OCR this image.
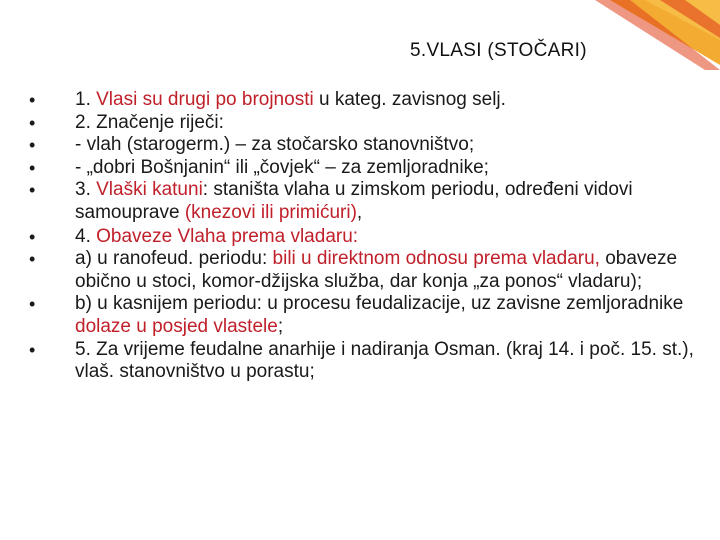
5.VLASI (STOČARI)
• 1. Vlasi su drugi po brojnosti u kateg. zavisnog selj.
• 2. Značenje riječi:
• - vlah (starogerm.) – za stočarsko stanovništvo;
• - „dobri Bošnjanin“ ili „čovjek“ – za zemljoradnike;
• 3. Vlaški katuni: staništa vlaha u zimskom periodu, određeni vidovi samouprave (knezovi ili primićuri),
• 4. Obaveze Vlaha prema vladaru:
• a) u ranofeud. periodu: bili u direktnom odnosu prema vladaru, obaveze obično u stoci, komor-džijska služba, dar konja „za ponos“ vladaru);
• b) u kasnijem periodu: u procesu feudalizacije, uz zavisne zemljoradnike dolaze u posjed vlastele;
• 5. Za vrijeme feudalne anarhije i nadiranja Osman. (kraj 14. i poč. 15. st.), vlaš. stanovništvo u porastu;
